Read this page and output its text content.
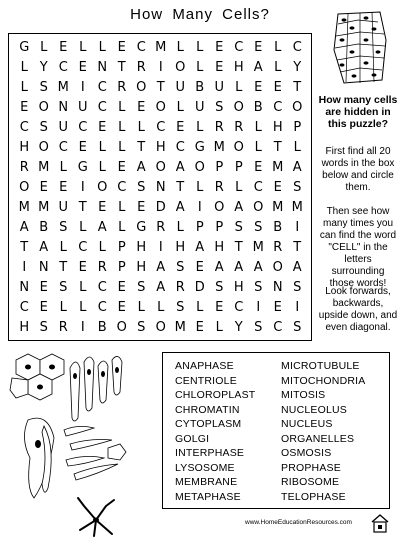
How Many Cells?
G L E L L E C M L L E C E L C
L Y C E N T R I O L E H A L Y
L S M I C R O T U B U L E E T
E O N U C L E O L U S O B C O
C S U C E L L C E L R R L H P
H O C E L L T H C G M O L T L
R M L G L E A O A O P P E M A
O E E I O C S N T L R L C E S
M M U T E L E D A I O A O M M
A B S L A L G R L P P S S B I
T A L C L P H I H A H T M R T
I N T E R P H A S E A A A O A
N E S L C E S A R D S H S N S
C E L L C E L L S L E C I E I
H S R I B O S O M E L Y S C S
How many cells are hidden in this puzzle?
First find all 20 words in the box below and circle them.
Then see how many times you can find the word "CELL" in the letters surrounding those words!
Look forwards, backwards, upside down, and even diagonal.
ANAPHASE
CENTRIOLE
CHLOROPLAST
CHROMATIN
CYTOPLASM
GOLGI
INTERPHASE
LYSOSOME
MEMBRANE
METAPHASE
MICROTUBULE
MITOCHONDRIA
MITOSIS
NUCLEOLUS
NUCLEUS
ORGANELLES
OSMOSIS
PROPHASE
RIBOSOME
TELOPHASE
www.HomeEducationResources.com
